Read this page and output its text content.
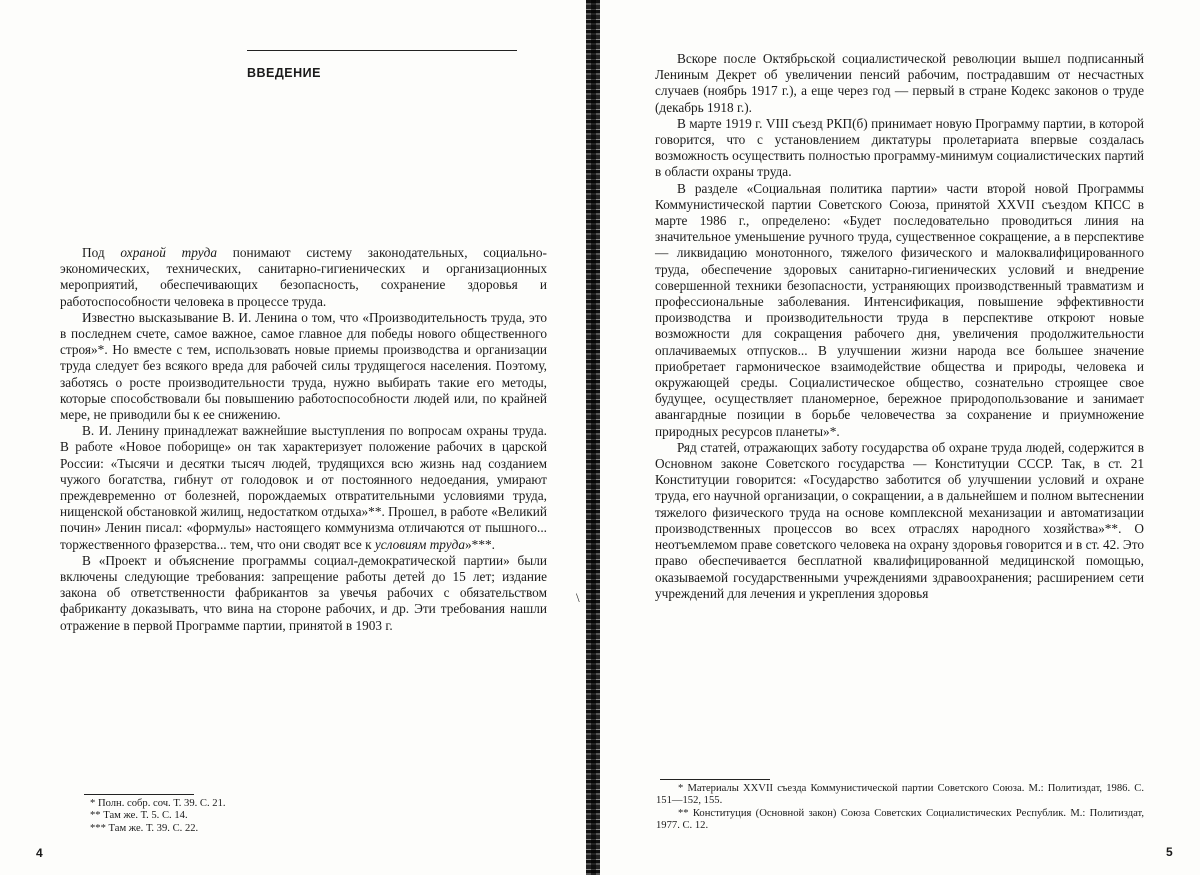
ВВЕДЕНИЕ

Под охраной труда понимают систему законодательных, социально-экономических, технических, санитарно-гигиенических и организационных мероприятий, обеспечивающих безопасность, сохранение здоровья и работоспособности человека в процессе труда.

Известно высказывание В. И. Ленина о том, что «Производительность труда, это в последнем счете, самое важное, самое главное для победы нового общественного строя»*. Но вместе с тем, использовать новые приемы производства и организации труда следует без всякого вреда для рабочей силы трудящегося населения. Поэтому, заботясь о росте производительности труда, нужно выбирать такие его методы, которые способствовали бы повышению работоспособности людей или, по крайней мере, не приводили бы к ее снижению.

В. И. Ленину принадлежат важнейшие выступления по вопросам охраны труда. В работе «Новое поборище» он так характеризует положение рабочих в царской России: «Тысячи и десятки тысяч людей, трудящихся всю жизнь над созданием чужого богатства, гибнут от голодовок и от постоянного недоедания, умирают преждевременно от болезней, порождаемых отвратительными условиями труда, нищенской обстановкой жилищ, недостатком отдыха»**. Прошел, в работе «Великий почин» Ленин писал: «формулы» настоящего коммунизма отличаются от пышного... торжественного фразерства... тем, что они сводят все к условиям труда»***.

В «Проект и объяснение программы социал-демократической партии» были включены следующие требования: запрещение работы детей до 15 лет; издание закона об ответственности фабрикантов за увечья рабочих с обязательством фабриканту доказывать, что вина на стороне рабочих, и др. Эти требования нашли отражение в первой Программе партии, принятой в 1903 г.

* Полн. собр. соч. Т. 39. С. 21.

** Там же. Т. 5. С. 14.

*** Там же. Т. 39. С. 22.

4
\

Вскоре после Октябрьской социалистической революции вышел подписанный Лениным Декрет об увеличении пенсий рабочим, пострадавшим от несчастных случаев (ноябрь 1917 г.), а еще через год — первый в стране Кодекс законов о труде (декабрь 1918 г.).

В марте 1919 г. VIII съезд РКП(б) принимает новую Программу партии, в которой говорится, что с установлением диктатуры пролетариата впервые создалась возможность осуществить полностью программу-минимум социалистических партий в области охраны труда.

В разделе «Социальная политика партии» части второй новой Программы Коммунистической партии Советского Союза, принятой XXVII съездом КПСС в марте 1986 г., определено: «Будет последовательно проводиться линия на значительное уменьшение ручного труда, существенное сокращение, а в перспективе — ликвидацию монотонного, тяжелого физического и малоквалифицированного труда, обеспечение здоровых санитарно-гигиенических условий и внедрение совершенной техники безопасности, устраняющих производственный травматизм и профессиональные заболевания. Интенсификация, повышение эффективности производства и производительности труда в перспективе откроют новые возможности для сокращения рабочего дня, увеличения продолжительности оплачиваемых отпусков... В улучшении жизни народа все большее значение приобретает гармоническое взаимодействие общества и природы, человека и окружающей среды. Социалистическое общество, сознательно строящее свое будущее, осуществляет планомерное, бережное природопользование и занимает авангардные позиции в борьбе человечества за сохранение и приумножение природных ресурсов планеты»*.

Ряд статей, отражающих заботу государства об охране труда людей, содержится в Основном законе Советского государства — Конституции СССР. Так, в ст. 21 Конституции говорится: «Государство заботится об улучшении условий и охране труда, его научной организации, о сокращении, а в дальнейшем и полном вытеснении тяжелого физического труда на основе комплексной механизации и автоматизации производственных процессов во всех отраслях народного хозяйства»**. О неотъемлемом праве советского человека на охрану здоровья говорится и в ст. 42. Это право обеспечивается бесплатной квалифицированной медицинской помощью, оказываемой государственными учреждениями здравоохранения; расширением сети учреждений для лечения и укрепления здоровья

* Материалы XXVII съезда Коммунистической партии Советского Союза. М.: Политиздат, 1986. С. 151—152, 155.

** Конституция (Основной закон) Союза Советских Социалистических Республик. М.: Политиздат, 1977. С. 12.

5
